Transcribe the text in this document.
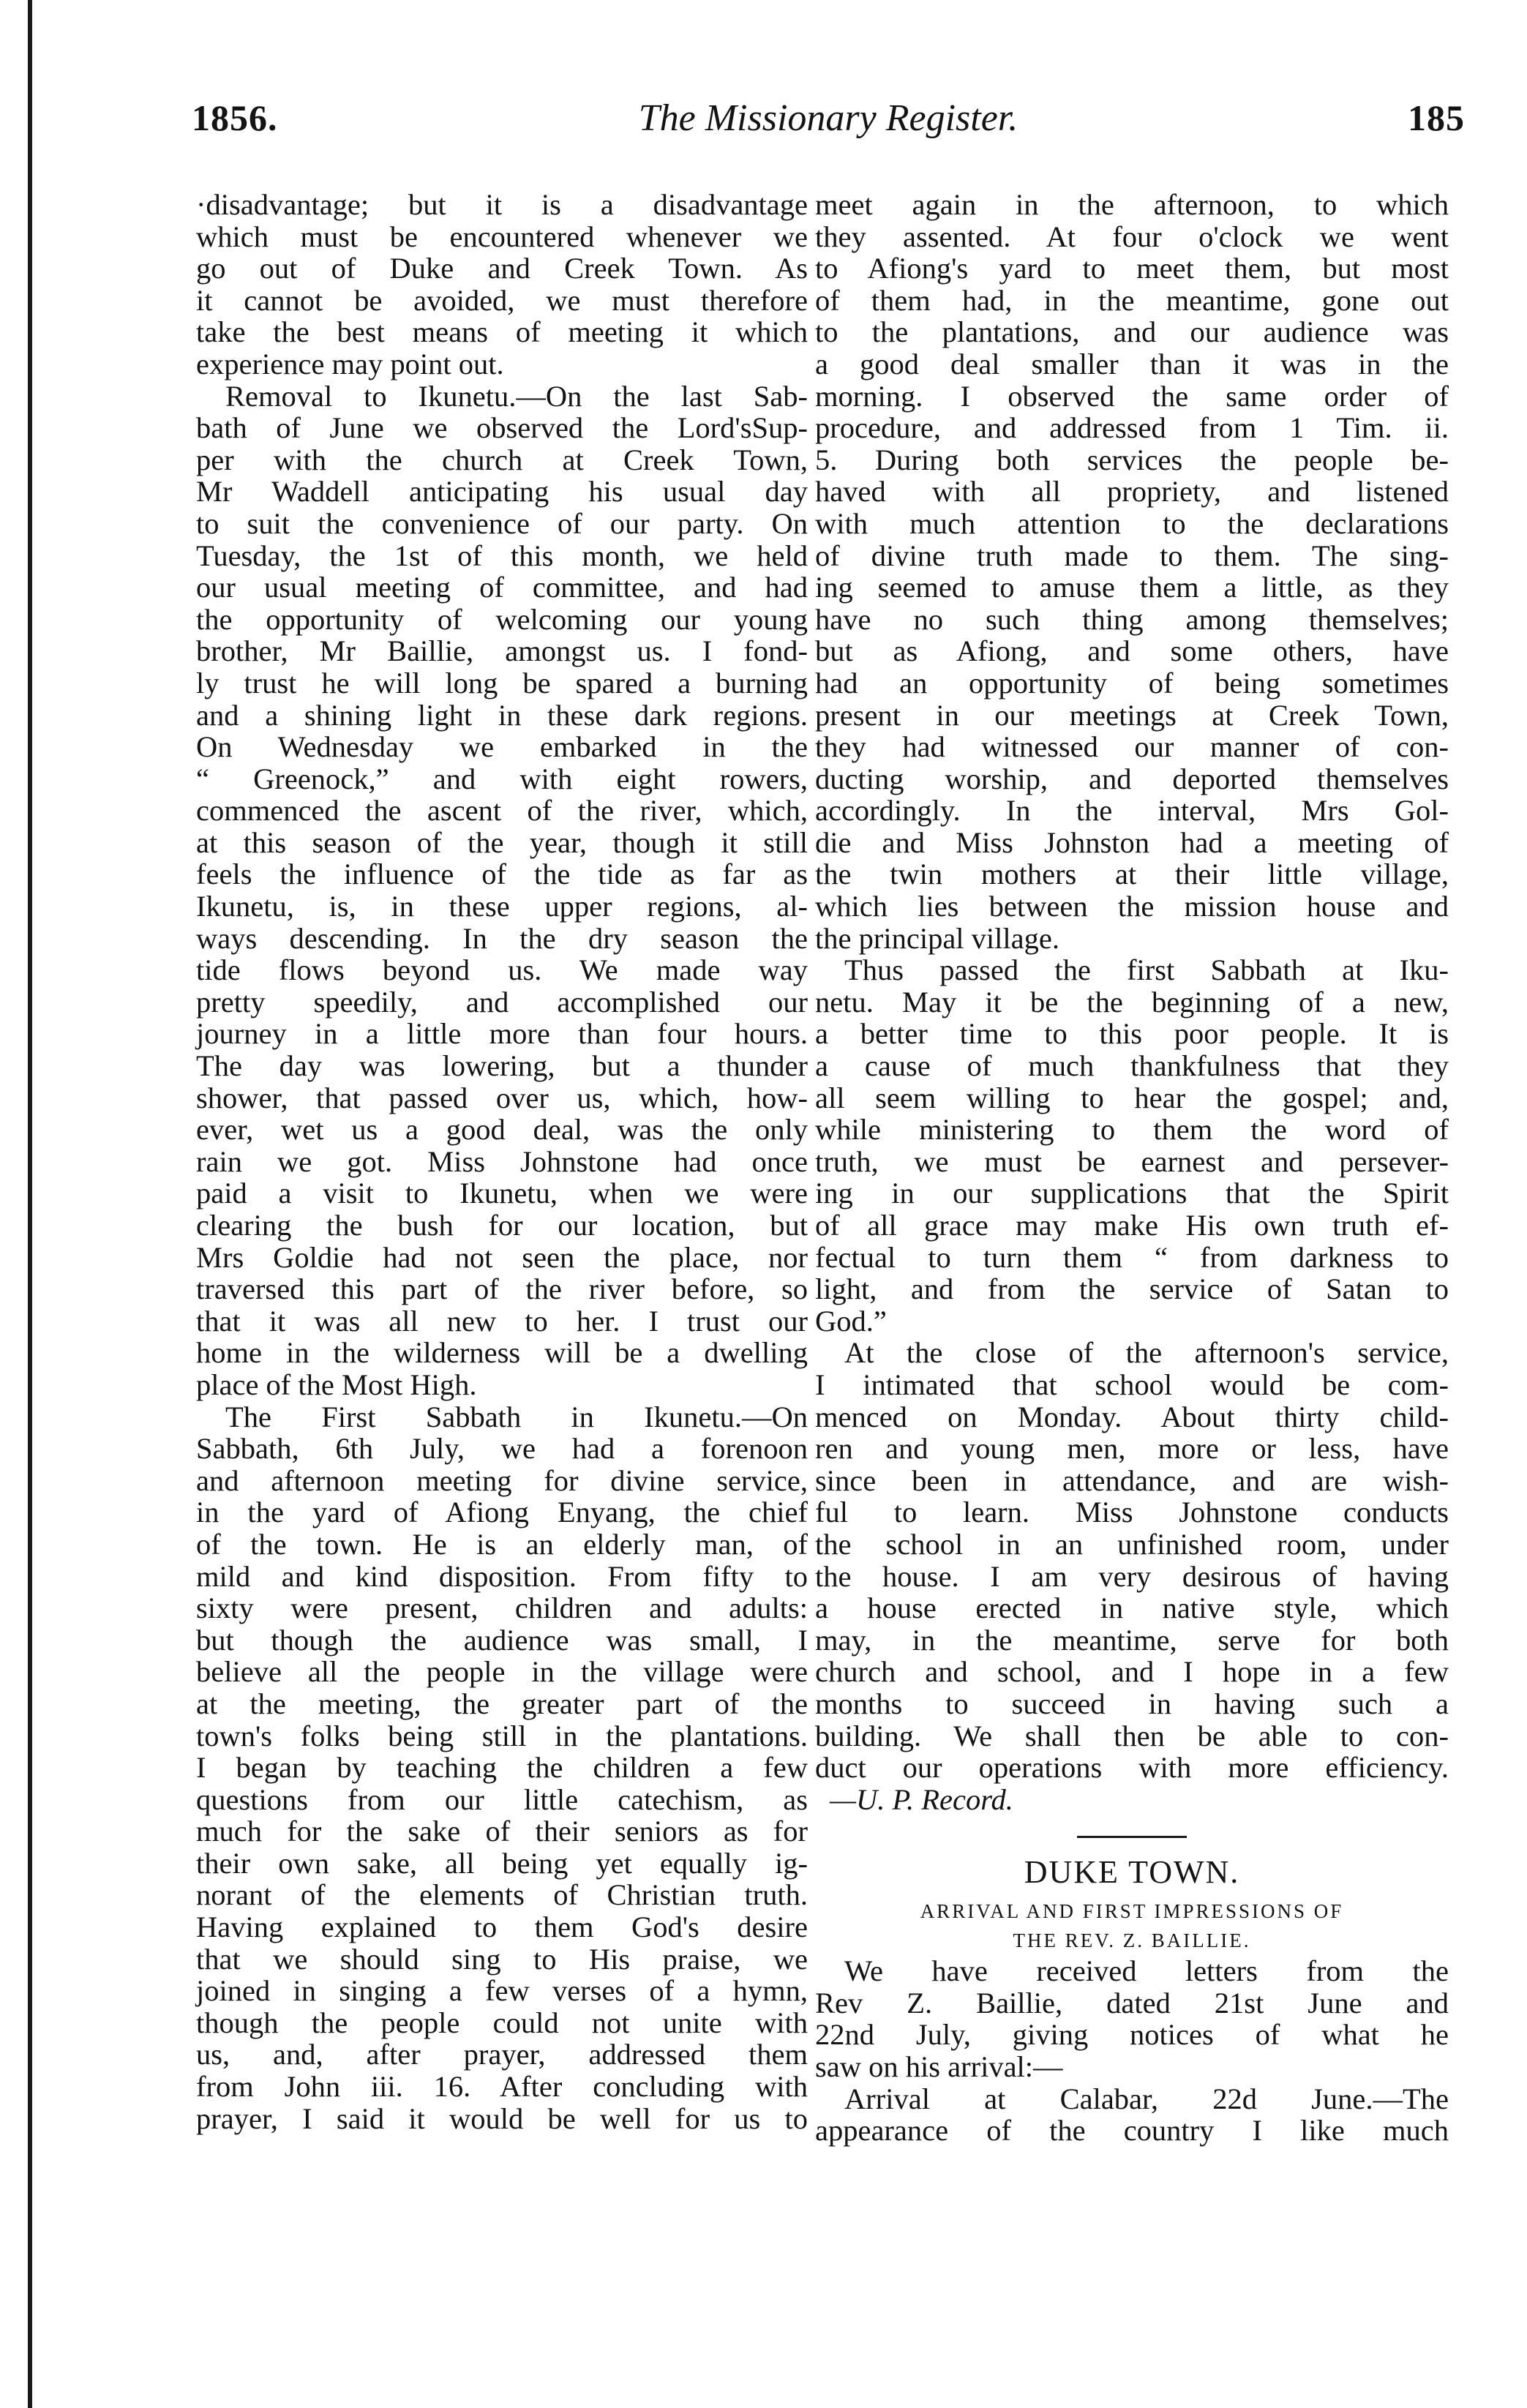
1856.	The Missionary Register.	185
·disadvantage; but it is a disadvantage
which must be encountered whenever we
go out of Duke and Creek Town. As
it cannot be avoided, we must therefore
take the best means of meeting it which
experience may point out.
Removal to Ikunetu.—On the last Sab-
bath of June we observed the Lord'sSup-
per with the church at Creek Town,
Mr Waddell anticipating his usual day
to suit the convenience of our party. On
Tuesday, the 1st of this month, we held
our usual meeting of committee, and had
the opportunity of welcoming our young
brother, Mr Baillie, amongst us. I fond-
ly trust he will long be spared a burning
and a shining light in these dark regions.
On Wednesday we embarked in the
“ Greenock,” and with eight rowers,
commenced the ascent of the river, which,
at this season of the year, though it still
feels the influence of the tide as far as
Ikunetu, is, in these upper regions, al-
ways descending. In the dry season the
tide flows beyond us. We made way
pretty speedily, and accomplished our
journey in a little more than four hours.
The day was lowering, but a thunder
shower, that passed over us, which, how-
ever, wet us a good deal, was the only
rain we got. Miss Johnstone had once
paid a visit to Ikunetu, when we were
clearing the bush for our location, but
Mrs Goldie had not seen the place, nor
traversed this part of the river before, so
that it was all new to her. I trust our
home in the wilderness will be a dwelling
place of the Most High.
The First Sabbath in Ikunetu.—On
Sabbath, 6th July, we had a forenoon
and afternoon meeting for divine service,
in the yard of Afiong Enyang, the chief
of the town. He is an elderly man, of
mild and kind disposition. From fifty to
sixty were present, children and adults:
but though the audience was small, I
believe all the people in the village were
at the meeting, the greater part of the
town's folks being still in the plantations.
I began by teaching the children a few
questions from our little catechism, as
much for the sake of their seniors as for
their own sake, all being yet equally ig-
norant of the elements of Christian truth.
Having explained to them God's desire
that we should sing to His praise, we
joined in singing a few verses of a hymn,
though the people could not unite with
us, and, after prayer, addressed them
from John iii. 16. After concluding with
prayer, I said it would be well for us to
meet again in the afternoon, to which
they assented. At four o'clock we went
to Afiong's yard to meet them, but most
of them had, in the meantime, gone out
to the plantations, and our audience was
a good deal smaller than it was in the
morning. I observed the same order of
procedure, and addressed from 1 Tim. ii.
5. During both services the people be-
haved with all propriety, and listened
with much attention to the declarations
of divine truth made to them. The sing-
ing seemed to amuse them a little, as they
have no such thing among themselves;
but as Afiong, and some others, have
had an opportunity of being sometimes
present in our meetings at Creek Town,
they had witnessed our manner of con-
ducting worship, and deported themselves
accordingly. In the interval, Mrs Gol-
die and Miss Johnston had a meeting of
the twin mothers at their little village,
which lies between the mission house and
the principal village.
Thus passed the first Sabbath at Iku-
netu. May it be the beginning of a new,
a better time to this poor people. It is
a cause of much thankfulness that they
all seem willing to hear the gospel; and,
while ministering to them the word of
truth, we must be earnest and persever-
ing in our supplications that the Spirit
of all grace may make His own truth ef-
fectual to turn them “ from darkness to
light, and from the service of Satan to
God.”
At the close of the afternoon's service,
I intimated that school would be com-
menced on Monday. About thirty child-
ren and young men, more or less, have
since been in attendance, and are wish-
ful to learn. Miss Johnstone conducts
the school in an unfinished room, under
the house. I am very desirous of having
a house erected in native style, which
may, in the meantime, serve for both
church and school, and I hope in a few
months to succeed in having such a
building. We shall then be able to con-
duct our operations with more efficiency.
—U. P. Record.
DUKE TOWN.
ARRIVAL AND FIRST IMPRESSIONS OF
THE REV. Z. BAILLIE.
We have received letters from the
Rev Z. Baillie, dated 21st June and
22nd July, giving notices of what he
saw on his arrival:—
Arrival at Calabar, 22d June.—The
appearance of the country I like much
